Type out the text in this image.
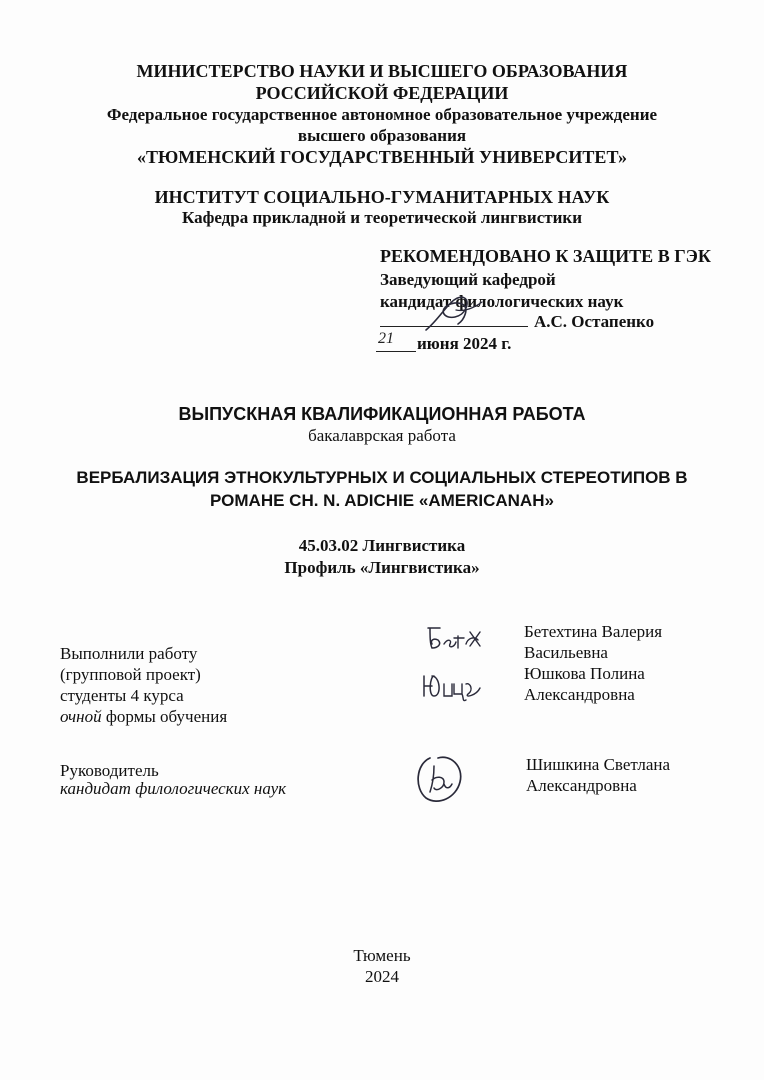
МИНИСТЕРСТВО НАУКИ И ВЫСШЕГО ОБРАЗОВАНИЯ
РОССИЙСКОЙ ФЕДЕРАЦИИ
Федеральное государственное автономное образовательное учреждение
высшего образования
«ТЮМЕНСКИЙ ГОСУДАРСТВЕННЫЙ УНИВЕРСИТЕТ»
ИНСТИТУТ СОЦИАЛЬНО-ГУМАНИТАРНЫХ НАУК
Кафедра прикладной и теоретической лингвистики
РЕКОМЕНДОВАНО К ЗАЩИТЕ В ГЭК
Заведующий кафедрой
кандидат филологических наук
А.С. Остапенко
21 июня 2024 г.
ВЫПУСКНАЯ КВАЛИФИКАЦИОННАЯ РАБОТА
бакалаврская работа
ВЕРБАЛИЗАЦИЯ ЭТНОКУЛЬТУРНЫХ И СОЦИАЛЬНЫХ СТЕРЕОТИПОВ В
РОМАНЕ CH. N. ADICHIE «AMERICANAH»
45.03.02 Лингвистика
Профиль «Лингвистика»
Выполнили работу
(групповой проект)
студенты 4 курса
очной формы обучения
Бетехтина Валерия
Васильевна
Юшкова Полина
Александровна
Руководитель
кандидат филологических наук
Шишкина Светлана
Александровна
Тюмень
2024
